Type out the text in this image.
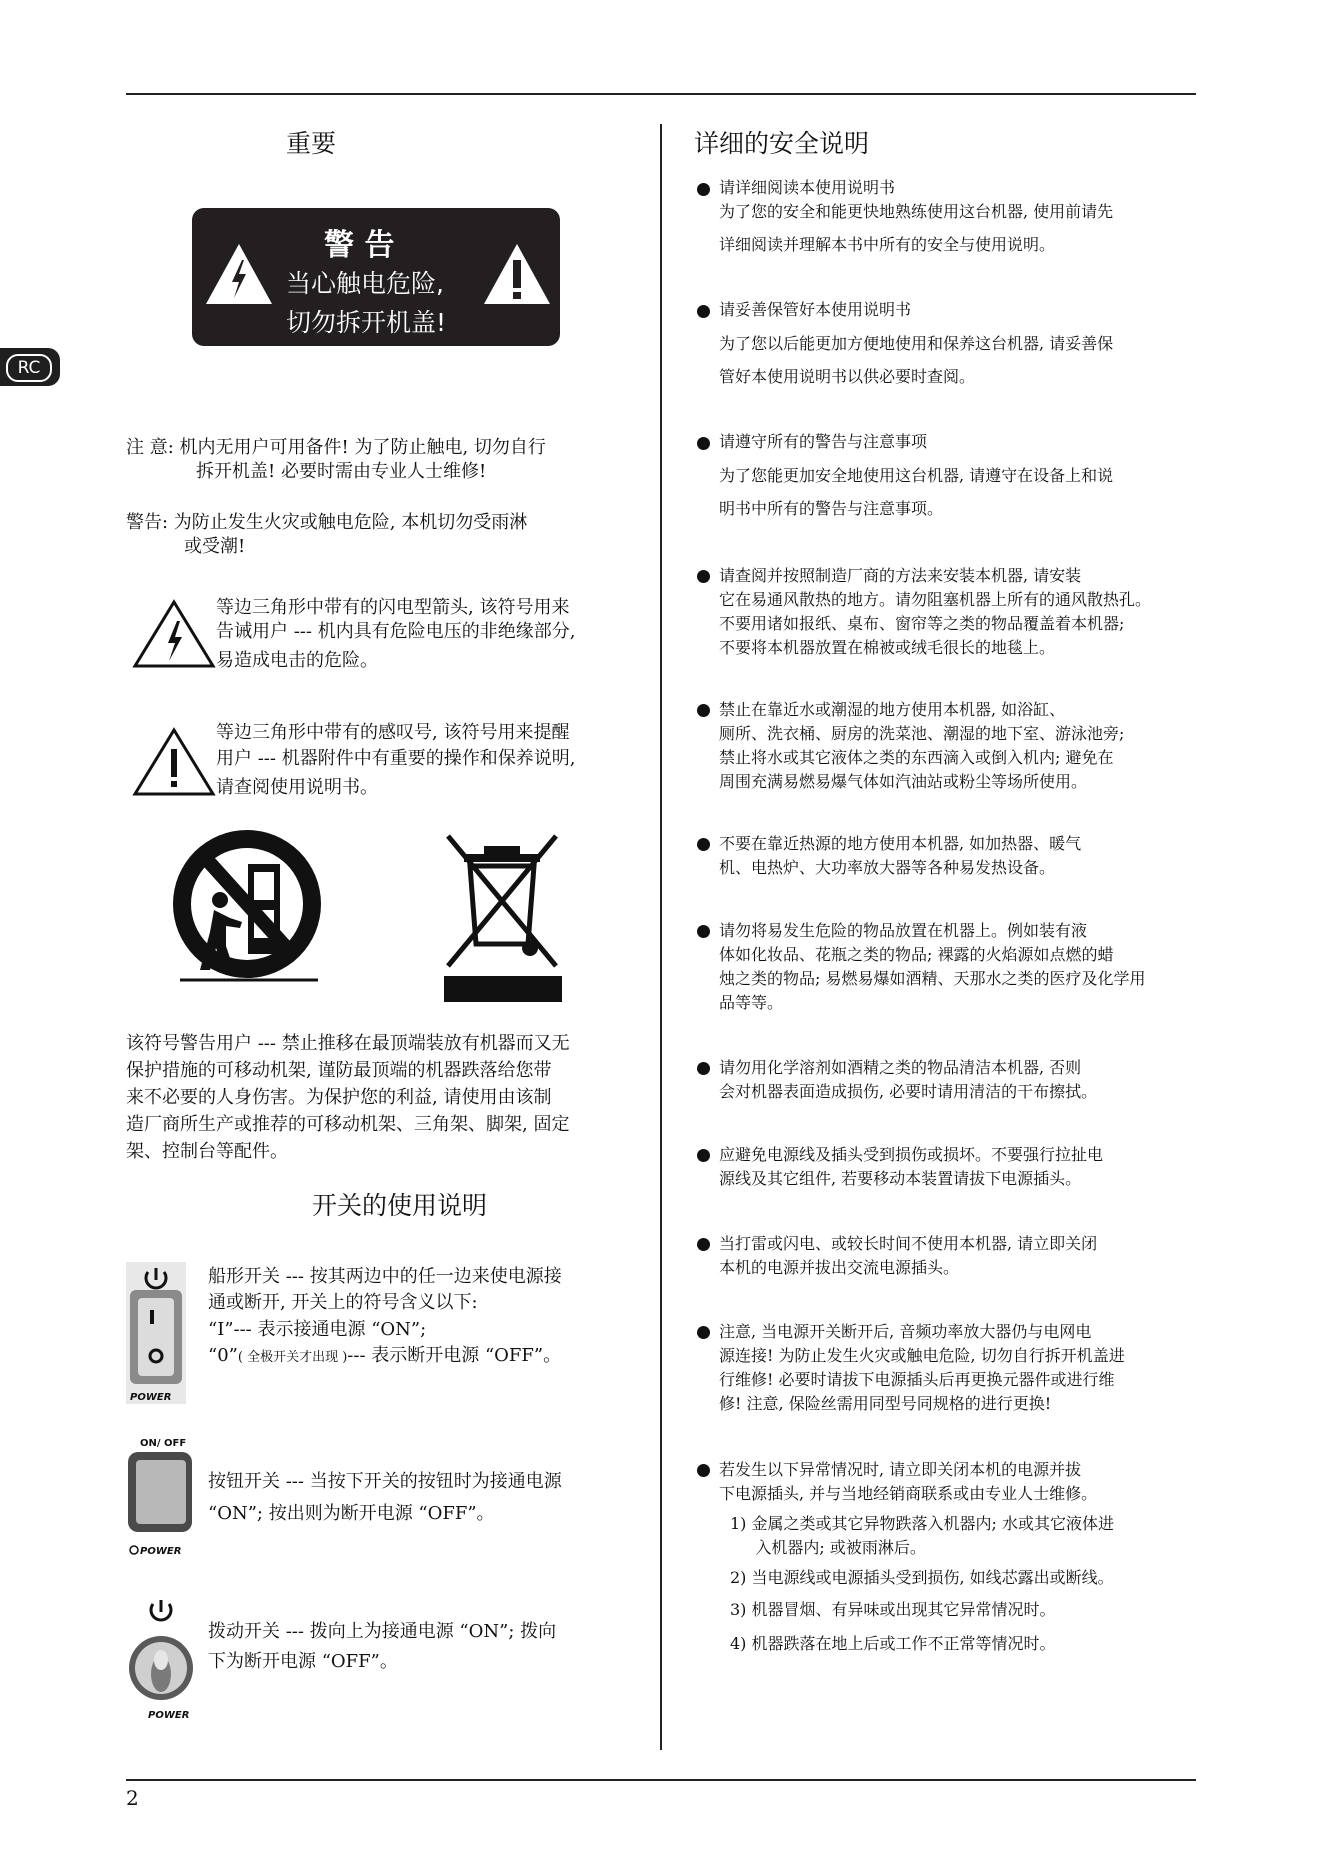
2
RC
重要
警 告
当心触电危险,
切勿拆开机盖!
注 意: 机内无用户可用备件! 为了防止触电, 切勿自行
拆开机盖! 必要时需由专业人士维修!
警告: 为防止发生火灾或触电危险, 本机切勿受雨淋
或受潮!
等边三角形中带有的闪电型箭头, 该符号用来
告诫用户 --- 机内具有危险电压的非绝缘部分,
易造成电击的危险。
等边三角形中带有的感叹号, 该符号用来提醒
用户 --- 机器附件中有重要的操作和保养说明,
请查阅使用说明书。
该符号警告用户 --- 禁止推移在最顶端装放有机器而又无
保护措施的可移动机架, 谨防最顶端的机器跌落给您带
来不必要的人身伤害。为保护您的利益, 请使用由该制
造厂商所生产或推荐的可移动机架、三角架、脚架, 固定
架、控制台等配件。
开关的使用说明
POWER
船形开关 --- 按其两边中的任一边来使电源接
通或断开, 开关上的符号含义以下:
“I”--- 表示接通电源 “ON”;
“0”( 全极开关才出现 )--- 表示断开电源 “OFF”。
ON/ OFF
POWER
按钮开关 --- 当按下开关的按钮时为接通电源
“ON”; 按出则为断开电源 “OFF”。
POWER
拨动开关 --- 拨向上为接通电源 “ON”; 拨向
下为断开电源 “OFF”。
详细的安全说明
请详细阅读本使用说明书
为了您的安全和能更快地熟练使用这台机器, 使用前请先
详细阅读并理解本书中所有的安全与使用说明。
请妥善保管好本使用说明书
为了您以后能更加方便地使用和保养这台机器, 请妥善保
管好本使用说明书以供必要时查阅。
请遵守所有的警告与注意事项
为了您能更加安全地使用这台机器, 请遵守在设备上和说
明书中所有的警告与注意事项。
请查阅并按照制造厂商的方法来安装本机器, 请安装
它在易通风散热的地方。请勿阻塞机器上所有的通风散热孔。
不要用诸如报纸、桌布、窗帘等之类的物品覆盖着本机器;
不要将本机器放置在棉被或绒毛很长的地毯上。
禁止在靠近水或潮湿的地方使用本机器, 如浴缸、
厕所、洗衣桶、厨房的洗菜池、潮湿的地下室、游泳池旁;
禁止将水或其它液体之类的东西滴入或倒入机内; 避免在
周围充满易燃易爆气体如汽油站或粉尘等场所使用。
不要在靠近热源的地方使用本机器, 如加热器、暖气
机、电热炉、大功率放大器等各种易发热设备。
请勿将易发生危险的物品放置在机器上。例如装有液
体如化妆品、花瓶之类的物品; 裸露的火焰源如点燃的蜡
烛之类的物品; 易燃易爆如酒精、天那水之类的医疗及化学用
品等等。
请勿用化学溶剂如酒精之类的物品清洁本机器, 否则
会对机器表面造成损伤, 必要时请用清洁的干布擦拭。
应避免电源线及插头受到损伤或损坏。不要强行拉扯电
源线及其它组件, 若要移动本装置请拔下电源插头。
当打雷或闪电、或较长时间不使用本机器, 请立即关闭
本机的电源并拔出交流电源插头。
注意, 当电源开关断开后, 音频功率放大器仍与电网电
源连接! 为防止发生火灾或触电危险, 切勿自行拆开机盖进
行维修! 必要时请拔下电源插头后再更换元器件或进行维
修! 注意, 保险丝需用同型号同规格的进行更换!
若发生以下异常情况时, 请立即关闭本机的电源并拔
下电源插头, 并与当地经销商联系或由专业人士维修。
1) 金属之类或其它异物跌落入机器内; 水或其它液体进
入机器内; 或被雨淋后。
2) 当电源线或电源插头受到损伤, 如线芯露出或断线。
3) 机器冒烟、有异味或出现其它异常情况时。
4) 机器跌落在地上后或工作不正常等情况时。
